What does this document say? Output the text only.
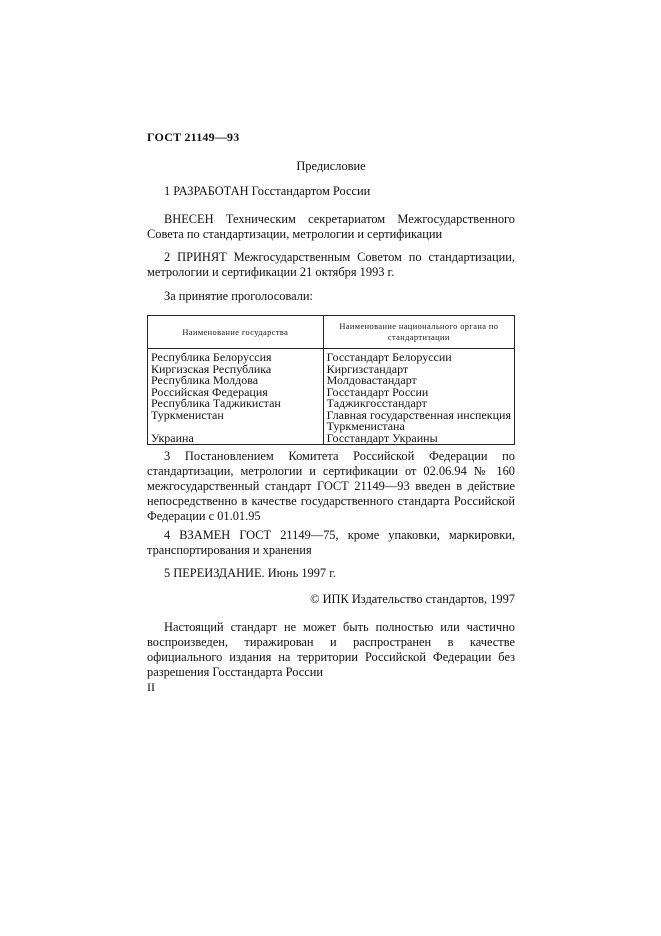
ГОСТ 21149—93
Предисловие
1 РАЗРАБОТАН Госстандартом России
ВНЕСЕН Техническим секретариатом Межгосударственного Совета по стандартизации, метрологии и сертификации
2 ПРИНЯТ Межгосударственным Советом по стандартизации, метрологии и сертификации 21 октября 1993 г.
За принятие проголосовали:
Наименование государства	Наименование национального органа по стандартизации
Республика Белоруссия	Госстандарт Белоруссии
Киргизская Республика	Киргизстандарт
Республика Молдова	Молдовастандарт
Российская Федерация	Госстандарт России
Республика Таджикистан	Таджикгосстандарт
Туркменистан	Главная государственная инспекция
	Туркменистана
Украина	Госстандарт Украины
3 Постановлением Комитета Российской Федерации по стандартизации, метрологии и сертификации от 02.06.94 № 160 межгосударственный стандарт ГОСТ 21149—93 введен в действие непосредственно в качестве государственного стандарта Российской Федерации с 01.01.95
4 ВЗАМЕН ГОСТ 21149—75, кроме упаковки, маркировки, транспортирования и хранения
5 ПЕРЕИЗДАНИЕ. Июнь 1997 г.
© ИПК Издательство стандартов, 1997
Настоящий стандарт не может быть полностью или частично воспроизведен, тиражирован и распространен в качестве официального издания на территории Российской Федерации без разрешения Госстандарта России
II
